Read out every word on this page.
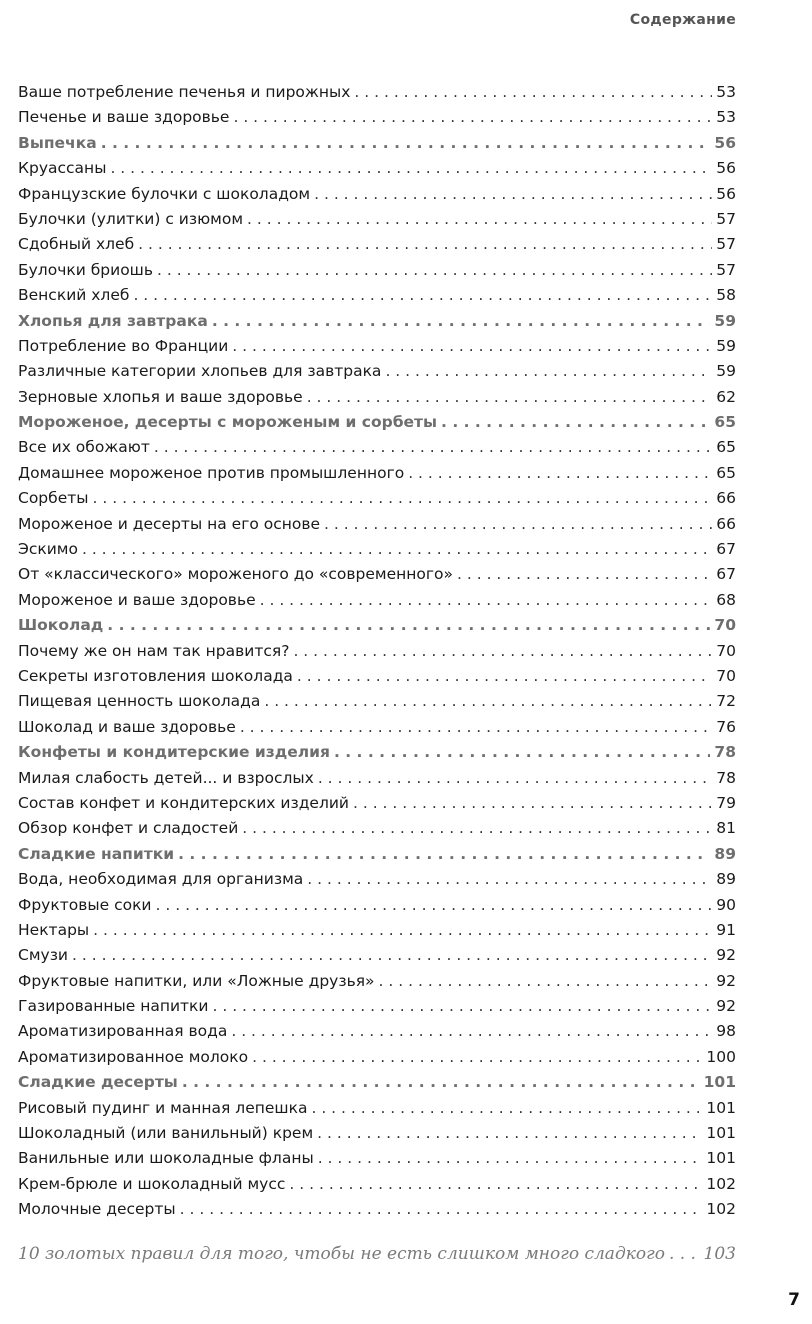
Содержание
Ваше потребление печенья и пирожных . . .	53
Печенье и ваше здоровье . . .	53
Выпечка . . .	56
Круассаны . . .	56
Французские булочки с шоколадом . . .	56
Булочки (улитки) с изюмом . . .	57
Сдобный хлеб . . .	57
Булочки бриошь . . .	57
Венский хлеб . . .	58
Хлопья для завтрака . . .	59
Потребление во Франции . . .	59
Различные категории хлопьев для завтрака . . .	59
Зерновые хлопья и ваше здоровье . . .	62
Мороженое, десерты с мороженым и сорбеты . . .	65
Все их обожают . . .	65
Домашнее мороженое против промышленного . . .	65
Сорбеты . . .	66
Мороженое и десерты на его основе . . .	66
Эскимо . . .	67
От «классического» мороженого до «современного» . . .	67
Мороженое и ваше здоровье . . .	68
Шоколад . . .	70
Почему же он нам так нравится? . . .	70
Секреты изготовления шоколада . . .	70
Пищевая ценность шоколада . . .	72
Шоколад и ваше здоровье . . .	76
Конфеты и кондитерские изделия . . .	78
Милая слабость детей... и взрослых . . .	78
Состав конфет и кондитерских изделий . . .	79
Обзор конфет и сладостей . . .	81
Сладкие напитки . . .	89
Вода, необходимая для организма . . .	89
Фруктовые соки . . .	90
Нектары . . .	91
Смузи . . .	92
Фруктовые напитки, или «Ложные друзья» . . .	92
Газированные напитки . . .	92
Ароматизированная вода . . .	98
Ароматизированное молоко . . .	100
Сладкие десерты . . .	101
Рисовый пудинг и манная лепешка . . .	101
Шоколадный (или ванильный) крем . . .	101
Ванильные или шоколадные фланы . . .	101
Крем-брюле и шоколадный мусс . . .	102
Молочные десерты . . .	102
10 золотых правил для того, чтобы не есть слишком много сладкого . . . 103
7
